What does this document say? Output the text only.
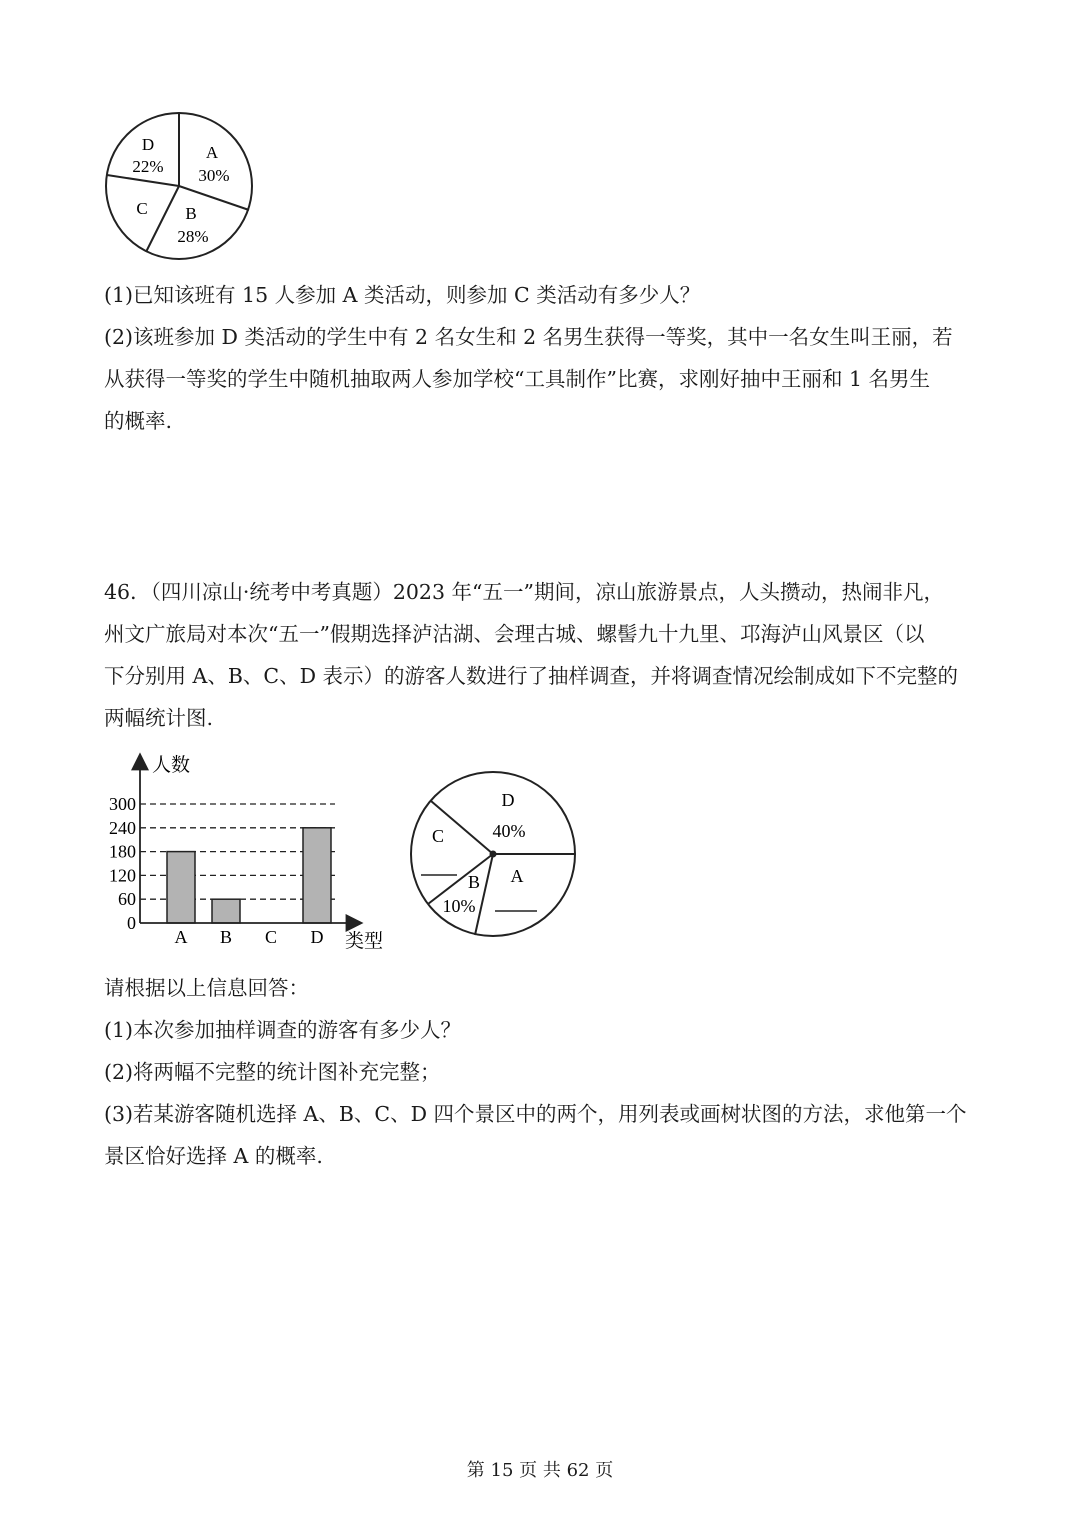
D
22%
A
30%
C B
28%

(1)已知该班有 15 人参加 A 类活动，则参加 C 类活动有多少人？

(2)该班参加 D 类活动的学生中有 2 名女生和 2 名男生获得一等奖，其中一名女生叫王丽，若

从获得一等奖的学生中随机抽取两人参加学校“工具制作”比赛，求刚好抽中王丽和 1 名男生

的概率.

46．（四川凉山·统考中考真题）2023 年“五一”期间，凉山旅游景点，人头攒动，热闹非凡，

州文广旅局对本次“五一”假期选择泸沽湖、会理古城、螺髻九十九里、邛海泸山风景区（以

下分别用 A、B、C、D 表示）的游客人数进行了抽样调查，并将调查情况绘制成如下不完整的

两幅统计图.

人数
类型
0
60
120
180
240
300
A B C D
D
40%
C
A
B
10%

请根据以上信息回答：

(1)本次参加抽样调查的游客有多少人？

(2)将两幅不完整的统计图补充完整；

(3)若某游客随机选择 A、B、C、D 四个景区中的两个，用列表或画树状图的方法，求他第一个

景区恰好选择 A 的概率.

第 15 页 共 62 页
